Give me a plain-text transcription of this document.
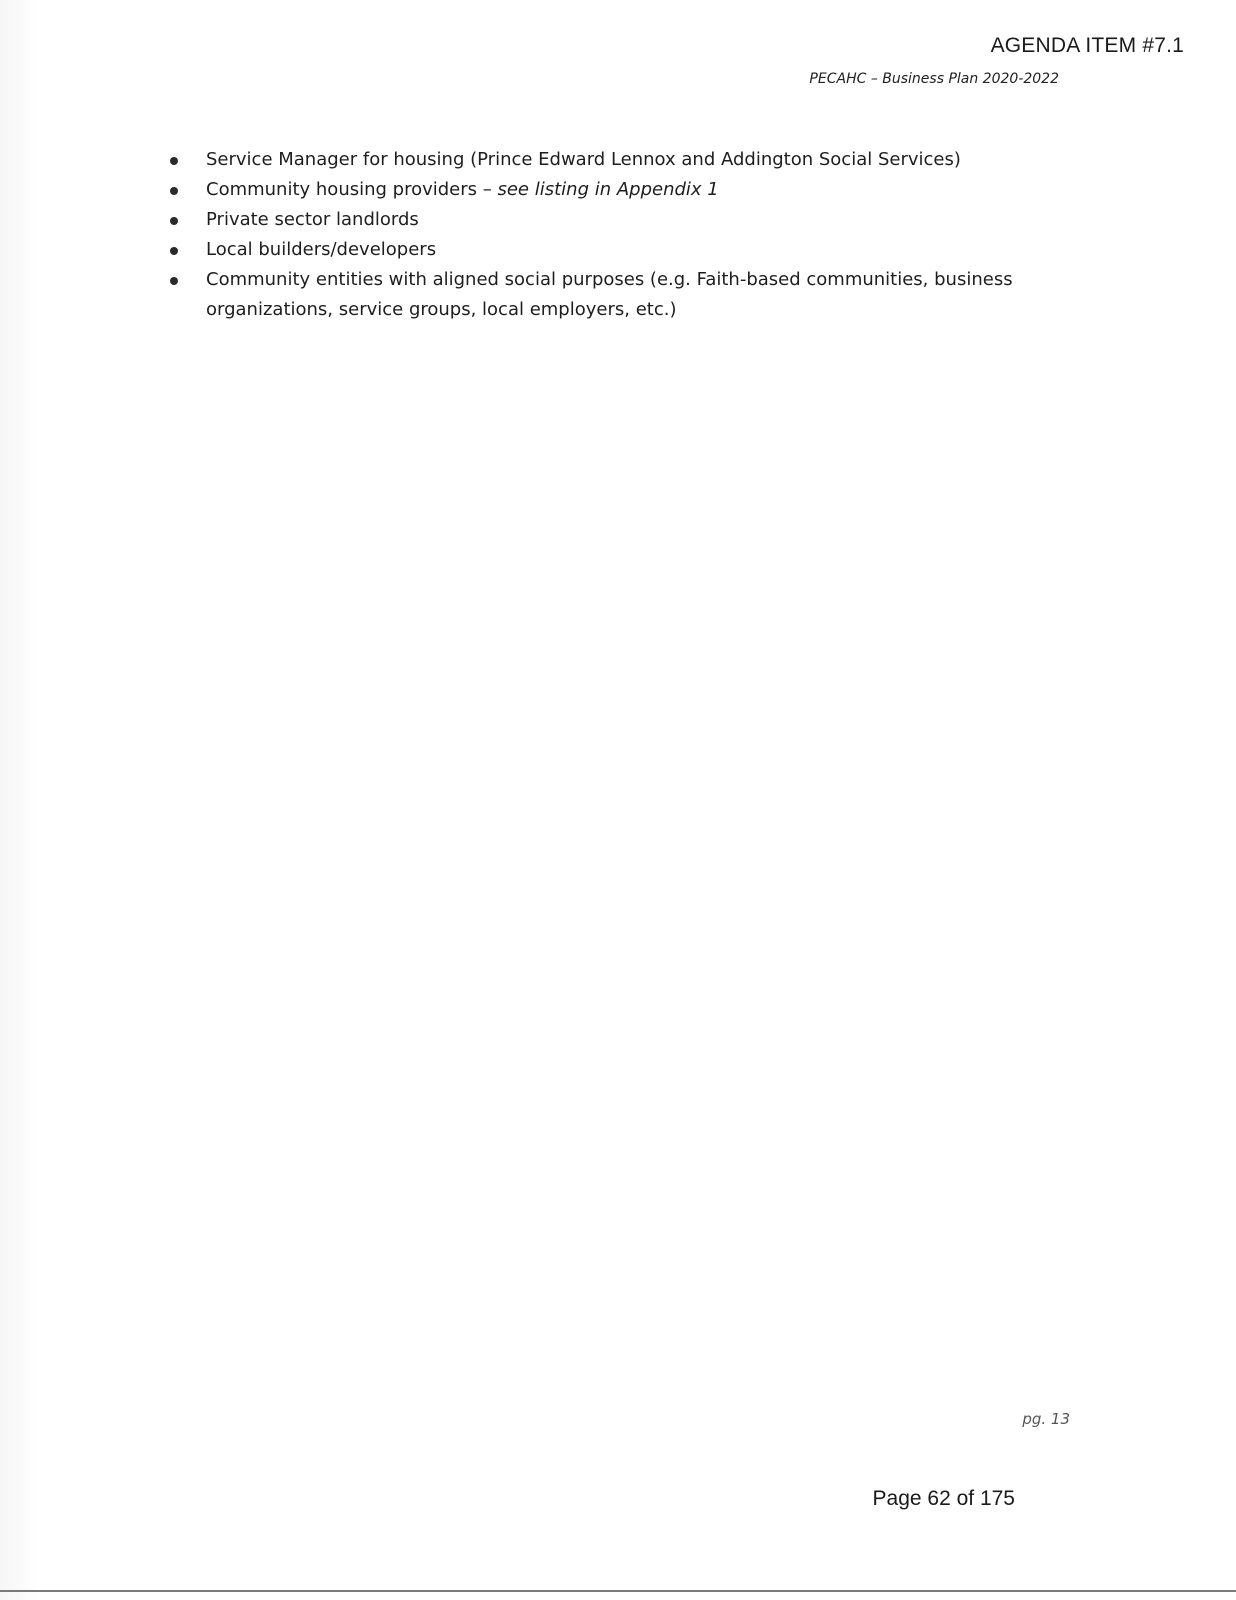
AGENDA ITEM #7.1
PECAHC – Business Plan 2020-2022
Service Manager for housing (Prince Edward Lennox and Addington Social Services)
Community housing providers – see listing in Appendix 1
Private sector landlords
Local builders/developers
Community entities with aligned social purposes (e.g. Faith-based communities, business organizations, service groups, local employers, etc.)
pg. 13
Page 62 of 175
